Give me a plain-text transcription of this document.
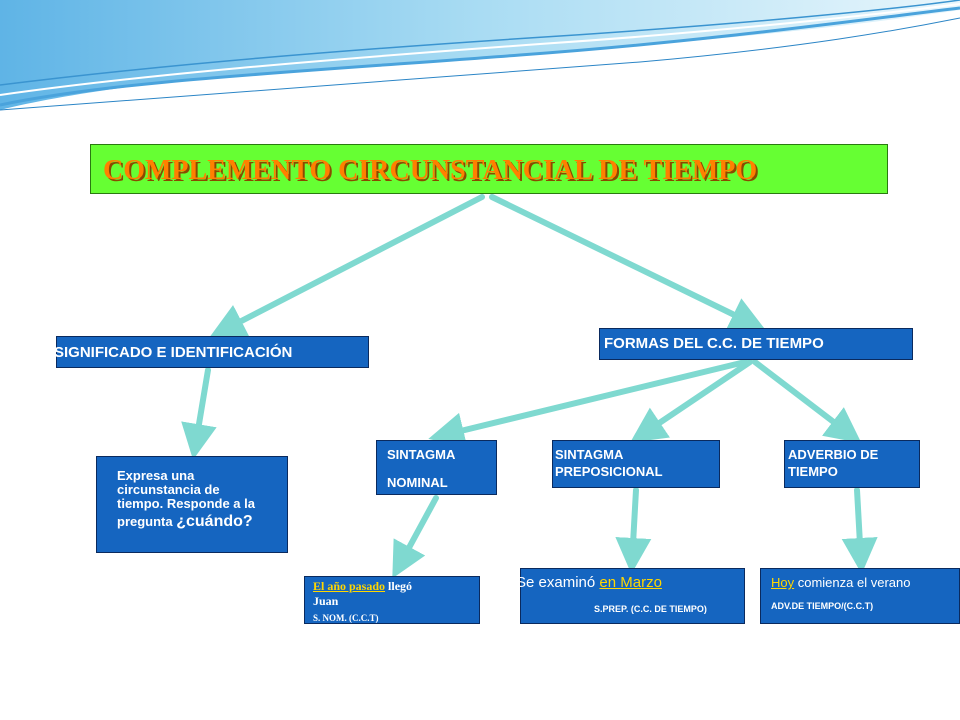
COMPLEMENTO CIRCUNSTANCIAL DE TIEMPO
SIGNIFICADO E IDENTIFICACIÓN
FORMAS DEL C.C. DE TIEMPO
Expresa una
circunstancia de
tiempo. Responde a la
pregunta ¿cuándo?
SINTAGMA
NOMINAL
SINTAGMA
PREPOSICIONAL
ADVERBIO DE
TIEMPO
El año pasado llegó
Juan
S. NOM. (C.C.T)
Se examinó en Marzo
S.PREP. (C.C. DE TIEMPO)
Hoy comienza el verano
ADV.DE TIEMPO/(C.C.T)
